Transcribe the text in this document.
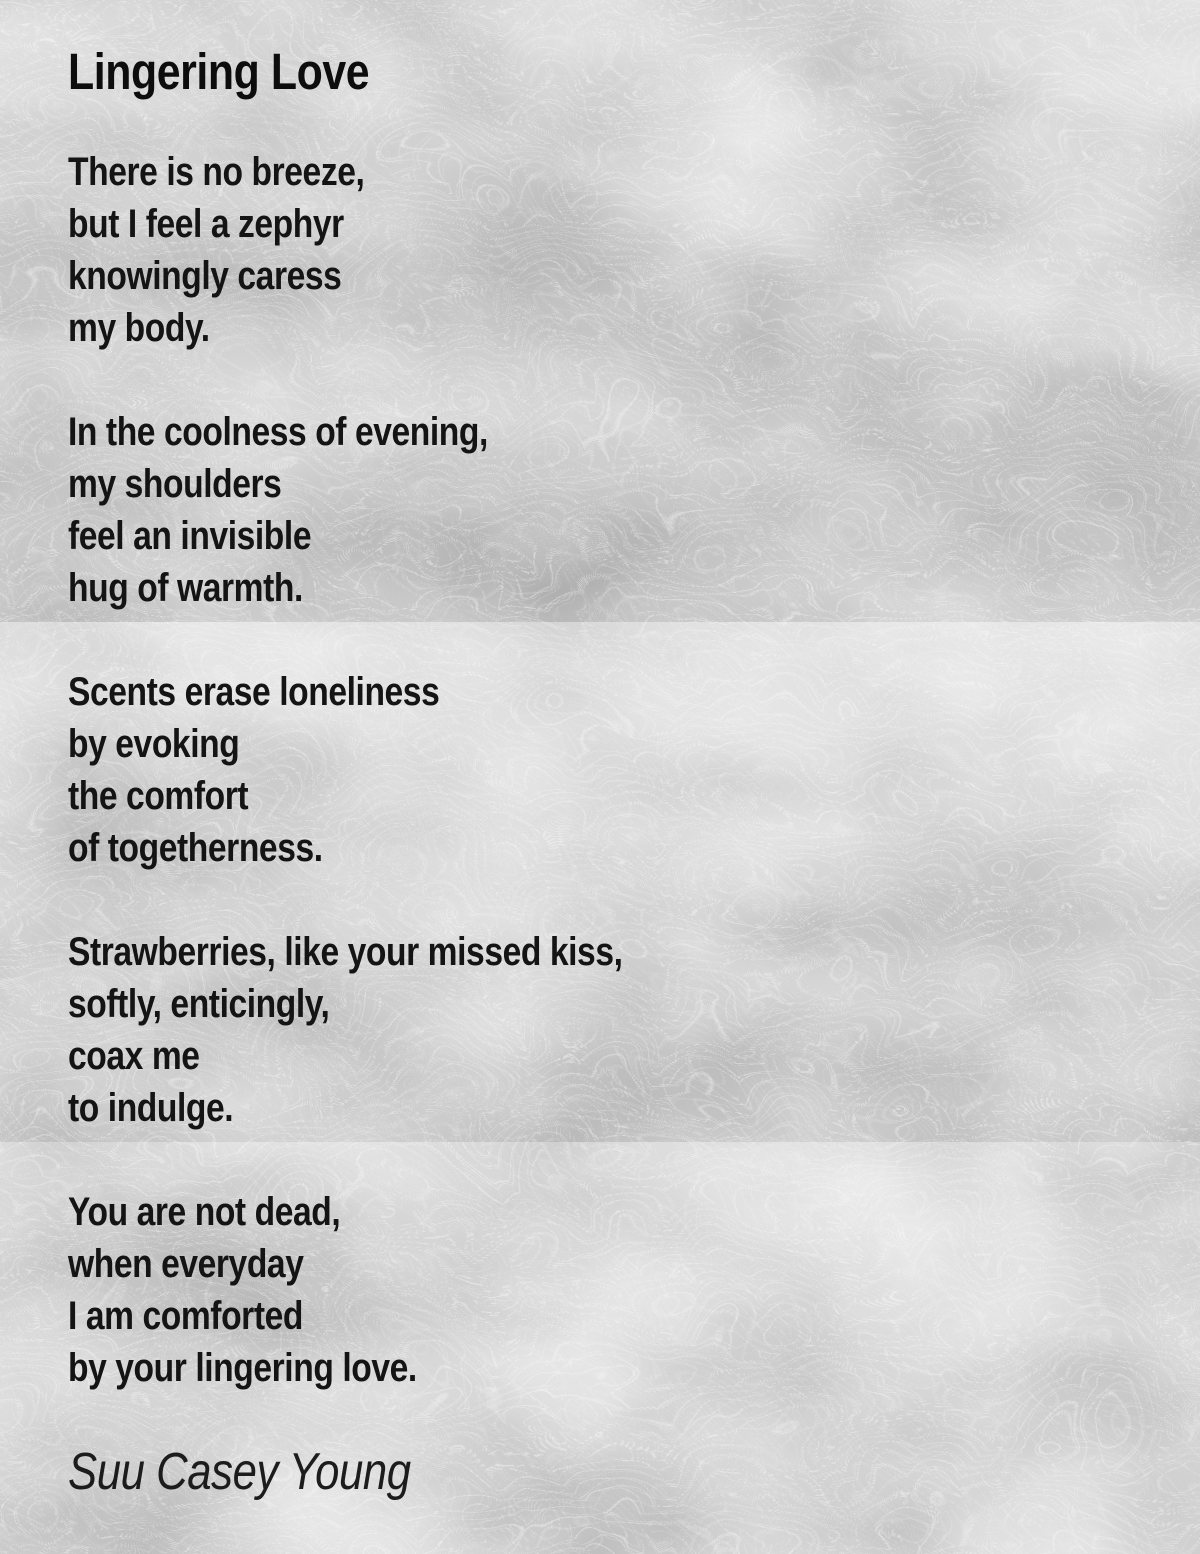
Lingering Love
There is no breeze,
but I feel a zephyr
knowingly caress
my body.
In the coolness of evening,
my shoulders
feel an invisible
hug of warmth.
Scents erase loneliness
by evoking
the comfort
of togetherness.
Strawberries, like your missed kiss,
softly, enticingly,
coax me
to indulge.
You are not dead,
when everyday
I am comforted
by your lingering love.
Suu Casey Young
